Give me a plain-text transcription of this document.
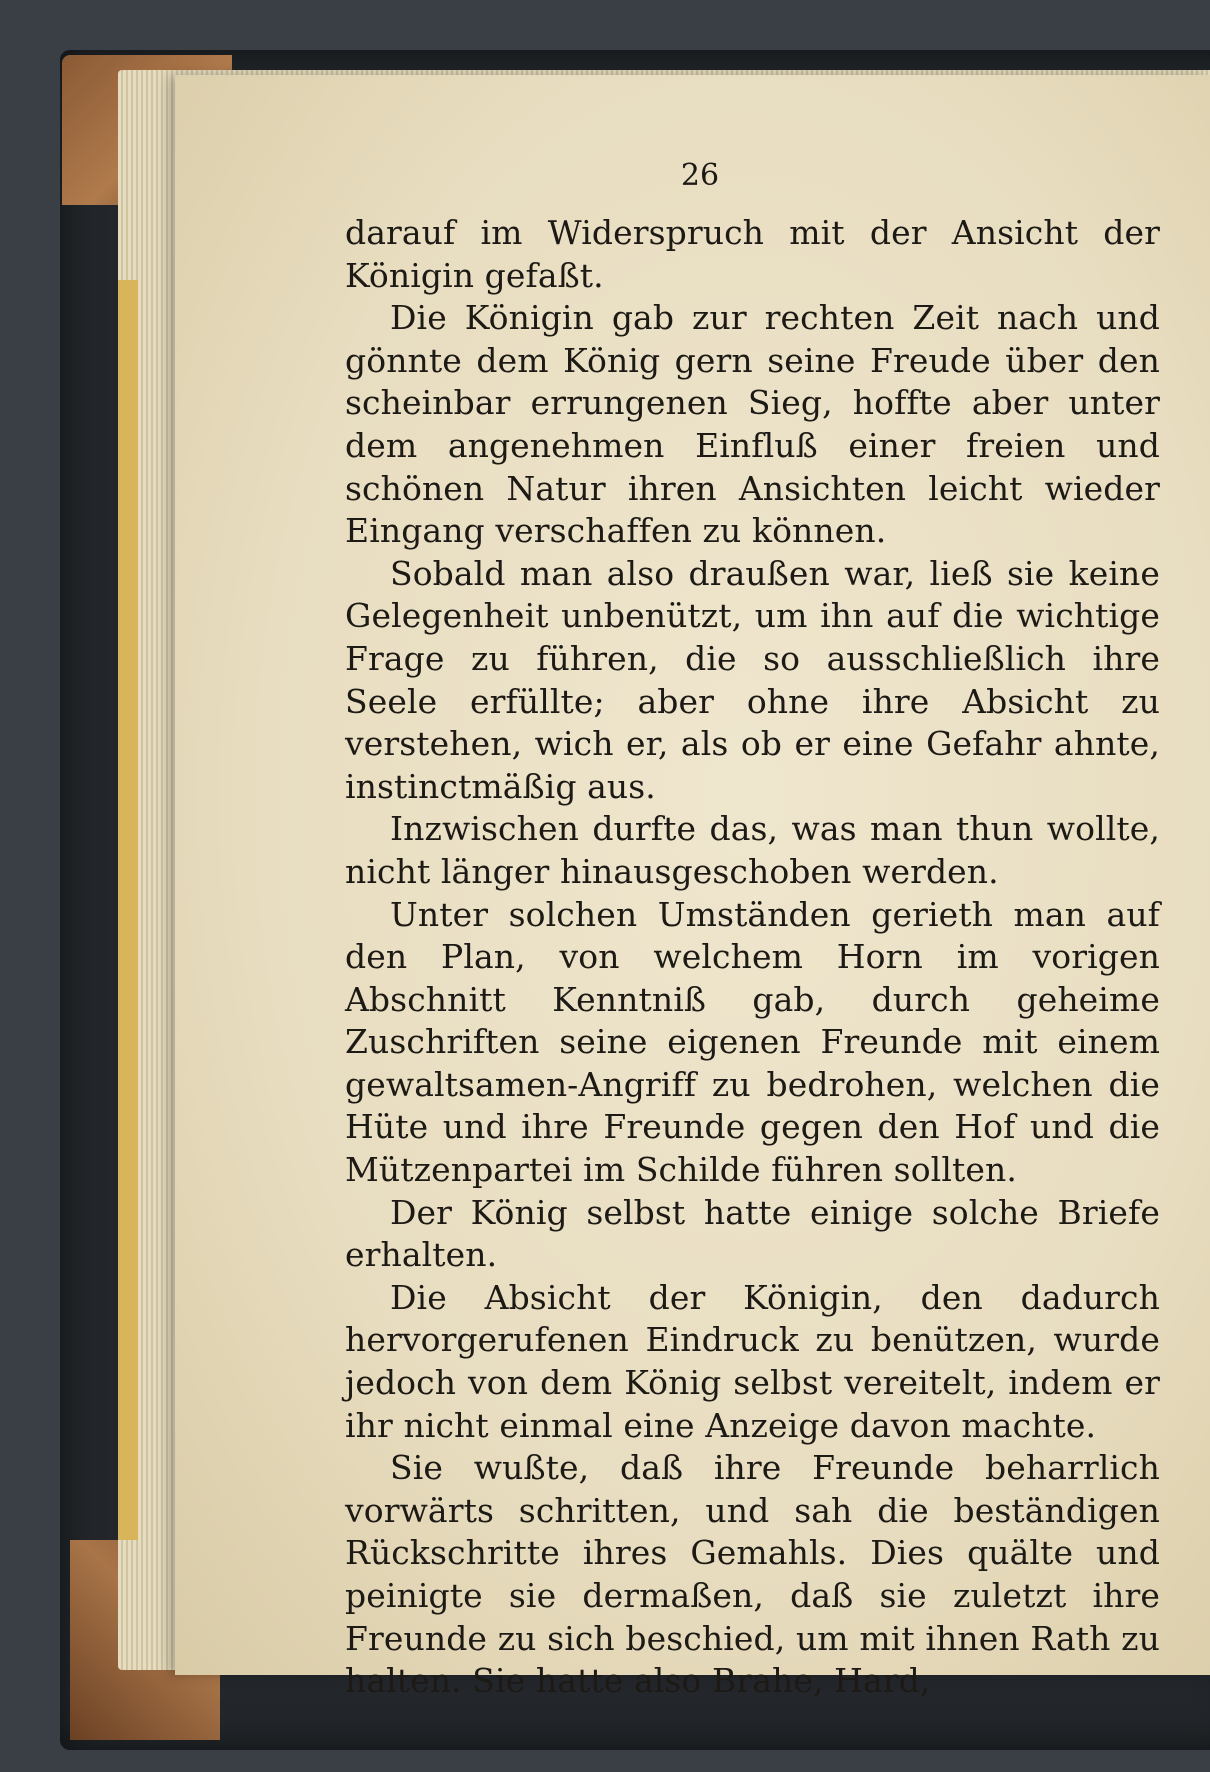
26

darauf im Widerspruch mit der Ansicht der Königin gefaßt.

Die Königin gab zur rechten Zeit nach und gönnte dem König gern seine Freude über den scheinbar errungenen Sieg, hoffte aber unter dem angenehmen Einfluß einer freien und schönen Natur ihren Ansichten leicht wieder Eingang verschaffen zu können.

Sobald man also draußen war, ließ sie keine Gelegenheit unbenützt, um ihn auf die wichtige Frage zu führen, die so ausschließlich ihre Seele erfüllte; aber ohne ihre Absicht zu verstehen, wich er, als ob er eine Gefahr ahnte, instinctmäßig aus.

Inzwischen durfte das, was man thun wollte, nicht länger hinausgeschoben werden.

Unter solchen Umständen gerieth man auf den Plan, von welchem Horn im vorigen Abschnitt Kenntniß gab, durch geheime Zuschriften seine eigenen Freunde mit einem gewaltsamen-Angriff zu bedrohen, welchen die Hüte und ihre Freunde gegen den Hof und die Mützenpartei im Schilde führen sollten.

Der König selbst hatte einige solche Briefe erhalten.

Die Absicht der Königin, den dadurch hervorgerufenen Eindruck zu benützen, wurde jedoch von dem König selbst vereitelt, indem er ihr nicht einmal eine Anzeige davon machte.

Sie wußte, daß ihre Freunde beharrlich vorwärts schritten, und sah die beständigen Rückschritte ihres Gemahls. Dies quälte und peinigte sie dermaßen, daß sie zuletzt ihre Freunde zu sich beschied, um mit ihnen Rath zu halten. Sie hatte also Brahe, Hard,
